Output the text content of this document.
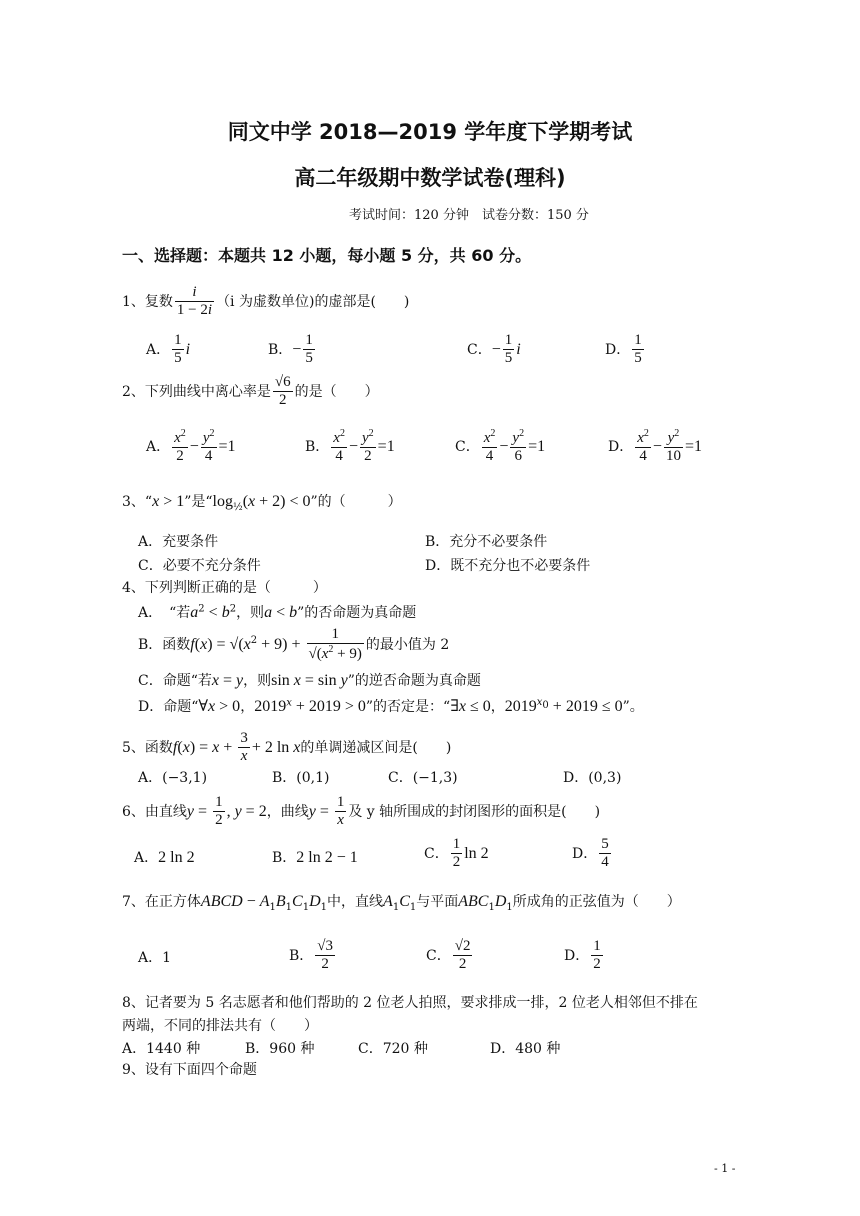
同文中学 2018—2019 学年度下学期考试
高二年级期中数学试卷(理科)
考试时间：120 分钟　试卷分数：150 分
一、选择题：本题共 12 小题，每小题 5 分，共 60 分。
1、复数 $\frac{i}{1 - 2i} (i$ 为虚数单位)的虚部是(　　)
A． $\frac{1}{5}$ i	B．− $\frac{1}{5}$	C．− $\frac{1}{5}$ i	D． $\frac{1}{5}$
2、下列曲线中离心率是 $\frac{√6}{2}$ 的是（　　）
A． $\frac{x^2}{2} - \frac{y^2}{4} =1$	B． $\frac{x^2}{4} - \frac{y^2}{2} =1$	C． $\frac{x^2}{4} - \frac{y^2}{6} =1$	D． $\frac{x^2}{4} - \frac{y^2}{10} =1$
3、“x > 1”是“$\log_{\frac{1}{2}}(x + 2) < 0$”的（　　　）
A．充要条件	B．充分不必要条件
C．必要不充分条件	D．既不充分也不必要条件
4、下列判断正确的是（　　　）
A．　“若$a^2 < b^2$，则a < b”的否命题为真命题
B．函数$f(x) = √(x^2 + 9) + \frac{1}{√(x^2 + 9)}$ 的最小值为 2
C．命题“若x = y，则sin x = sin y”的逆否命题为真命题
D．命题“∀x > 0，$2019^x + 2019 > 0$”的否定是：“∃x ≤ 0，$2019^{x_0} + 2019 \le 0$”。
5、函数$f(x) = x + \frac{3}{x} + 2$ ln x的单调递减区间是(　　)
A．(−3,1)	B．(0,1)	C．(−1,3)	D．(0,3)
6、由直线$y = \frac{1}{2}$ , y = 2，曲线$y = \frac{1}{x}$ 及 y 轴所围成的封闭图形的面积是(　　)
A．2 ln 2	B．2 ln 2 − 1	C． $\frac{1}{2}$ ln 2	D． $\frac{5}{4}$
7、在正方体ABCD − $A_1B_1C_1D_1$中，直线$A_1C_1$与平面$ABC_1D_1$所成角的正弦值为（　　）
A．1	B． $\frac{√3}{2}$	C． $\frac{√2}{2}$	D． $\frac{1}{2}$
8、记者要为 5 名志愿者和他们帮助的 2 位老人拍照，要求排成一排，2 位老人相邻但不排在
两端，不同的排法共有（　　）
A．1440 种	B．960 种	C．720 种	D．480 种
9、设有下面四个命题
- 1 -
